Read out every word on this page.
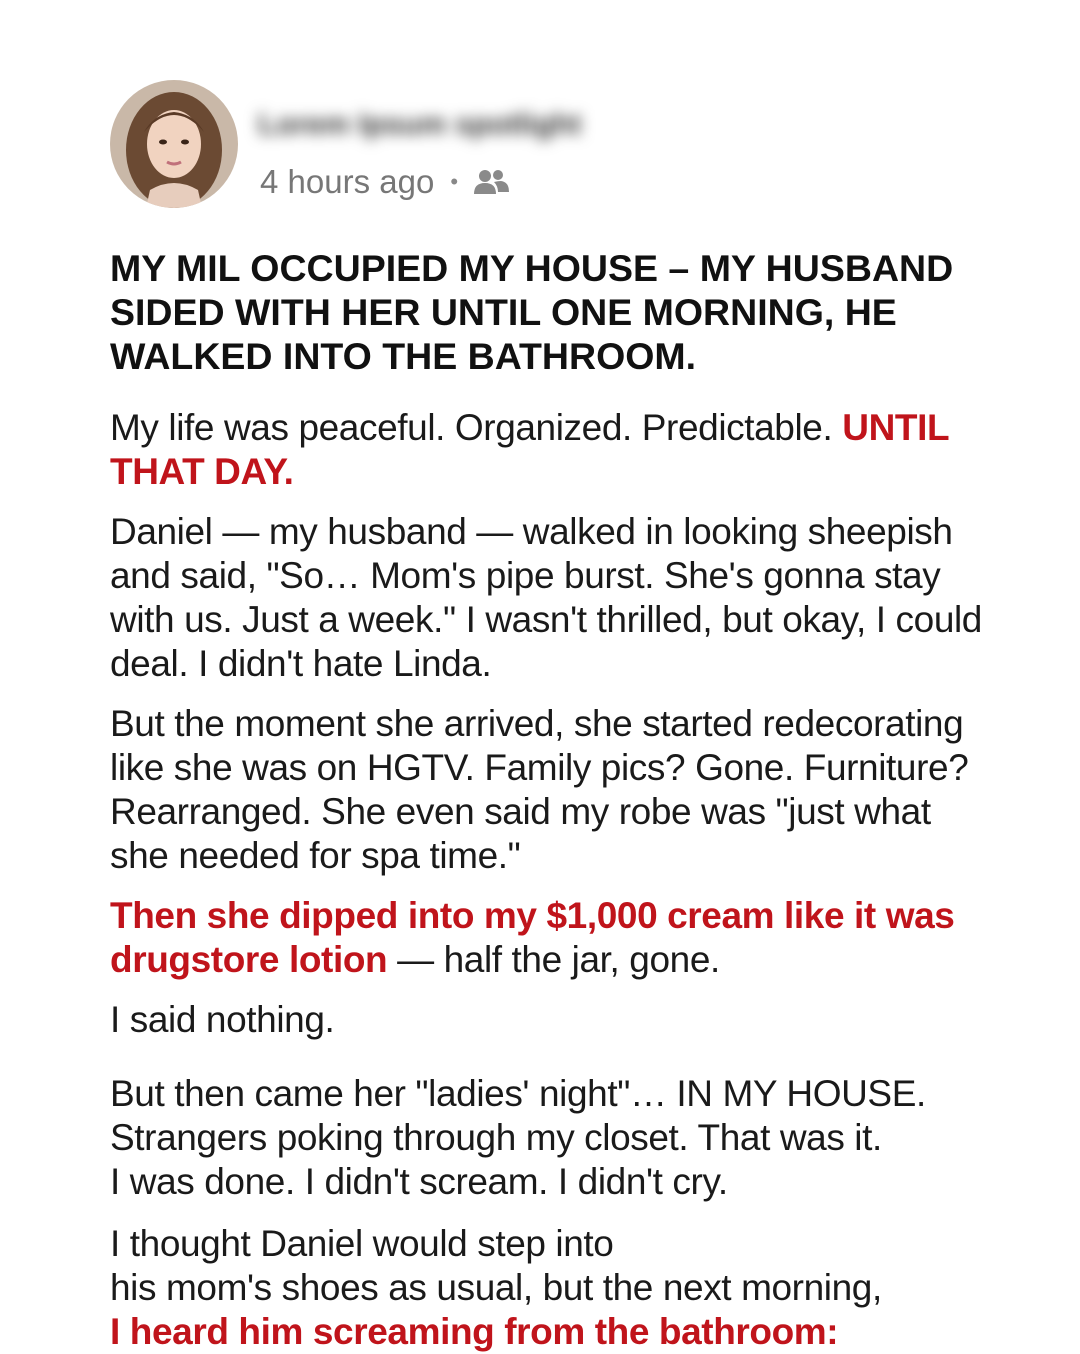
Lorem Ipsum spotlight
4 hours ago •
MY MIL OCCUPIED MY HOUSE – MY HUSBAND SIDED WITH HER UNTIL ONE MORNING, HE WALKED INTO THE BATHROOM.

My life was peaceful. Organized. Predictable. UNTIL THAT DAY.

Daniel — my husband — walked in looking sheepish and said, "So… Mom's pipe burst. She's gonna stay with us. Just a week." I wasn't thrilled, but okay, I could deal. I didn't hate Linda.

But the moment she arrived, she started redecorating like she was on HGTV. Family pics? Gone. Furniture? Rearranged. She even said my robe was "just what she needed for spa time."

Then she dipped into my $1,000 cream like it was drugstore lotion — half the jar, gone.

I said nothing.

But then came her "ladies' night"… IN MY HOUSE.
Strangers poking through my closet. That was it.
I was done. I didn't scream. I didn't cry.

I thought Daniel would step into
his mom's shoes as usual, but the next morning,
I heard him screaming from the bathroom:
